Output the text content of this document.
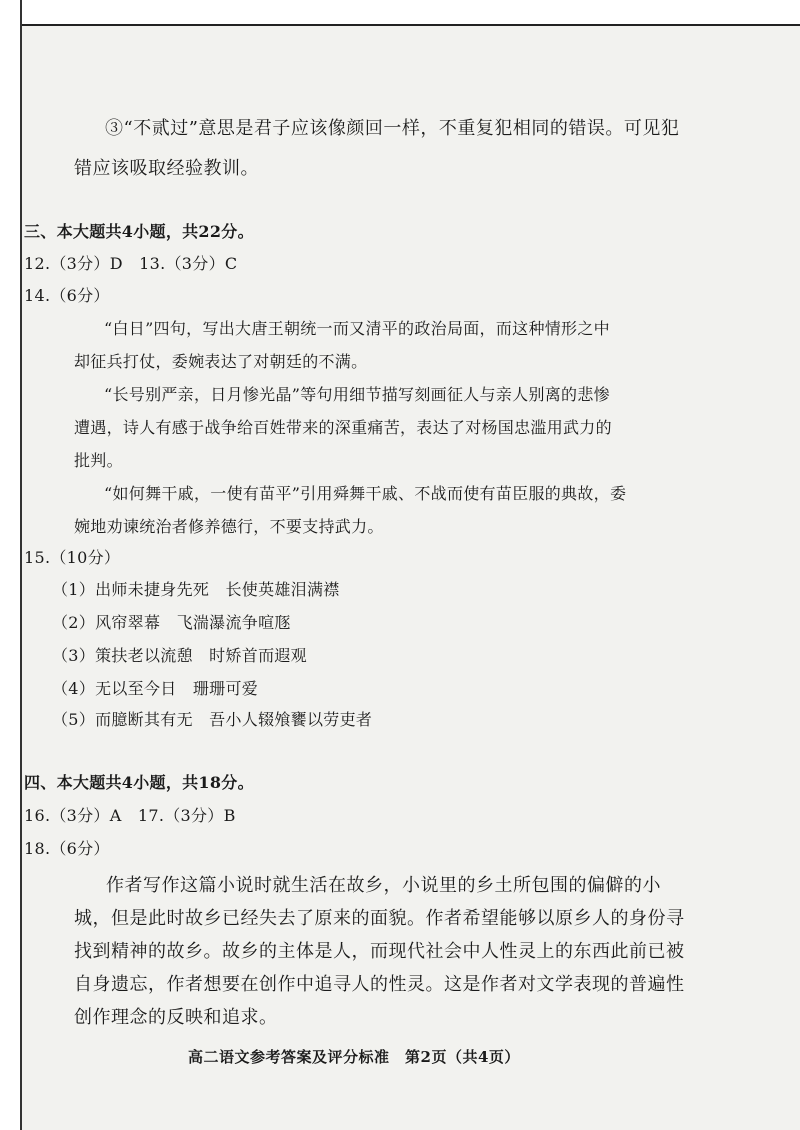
③“不贰过”意思是君子应该像颜回一样，不重复犯相同的错误。可见犯
错应该吸取经验教训。
三、本大题共4小题，共22分。
12.（3分）D　13.（3分）C
14.（6分）
“白日”四句，写出大唐王朝统一而又清平的政治局面，而这种情形之中
却征兵打仗，委婉表达了对朝廷的不满。
“长号别严亲，日月惨光晶”等句用细节描写刻画征人与亲人别离的悲惨
遭遇，诗人有感于战争给百姓带来的深重痛苦，表达了对杨国忠滥用武力的
批判。
“如何舞干戚，一使有苗平”引用舜舞干戚、不战而使有苗臣服的典故，委
婉地劝谏统治者修养德行，不要支持武力。
15.（10分）
（1）出师未捷身先死　长使英雄泪满襟
（2）风帘翠幕　飞湍瀑流争喧豗
（3）策扶老以流憩　时矫首而遐观
（4）无以至今日　珊珊可爱
（5）而臆断其有无　吾小人辍飧饔以劳吏者
四、本大题共4小题，共18分。
16.（3分）A　17.（3分）B
18.（6分）
作者写作这篇小说时就生活在故乡，小说里的乡土所包围的偏僻的小
城，但是此时故乡已经失去了原来的面貌。作者希望能够以原乡人的身份寻
找到精神的故乡。故乡的主体是人，而现代社会中人性灵上的东西此前已被
自身遗忘，作者想要在创作中追寻人的性灵。这是作者对文学表现的普遍性
创作理念的反映和追求。
高二语文参考答案及评分标准　第2页（共4页）
